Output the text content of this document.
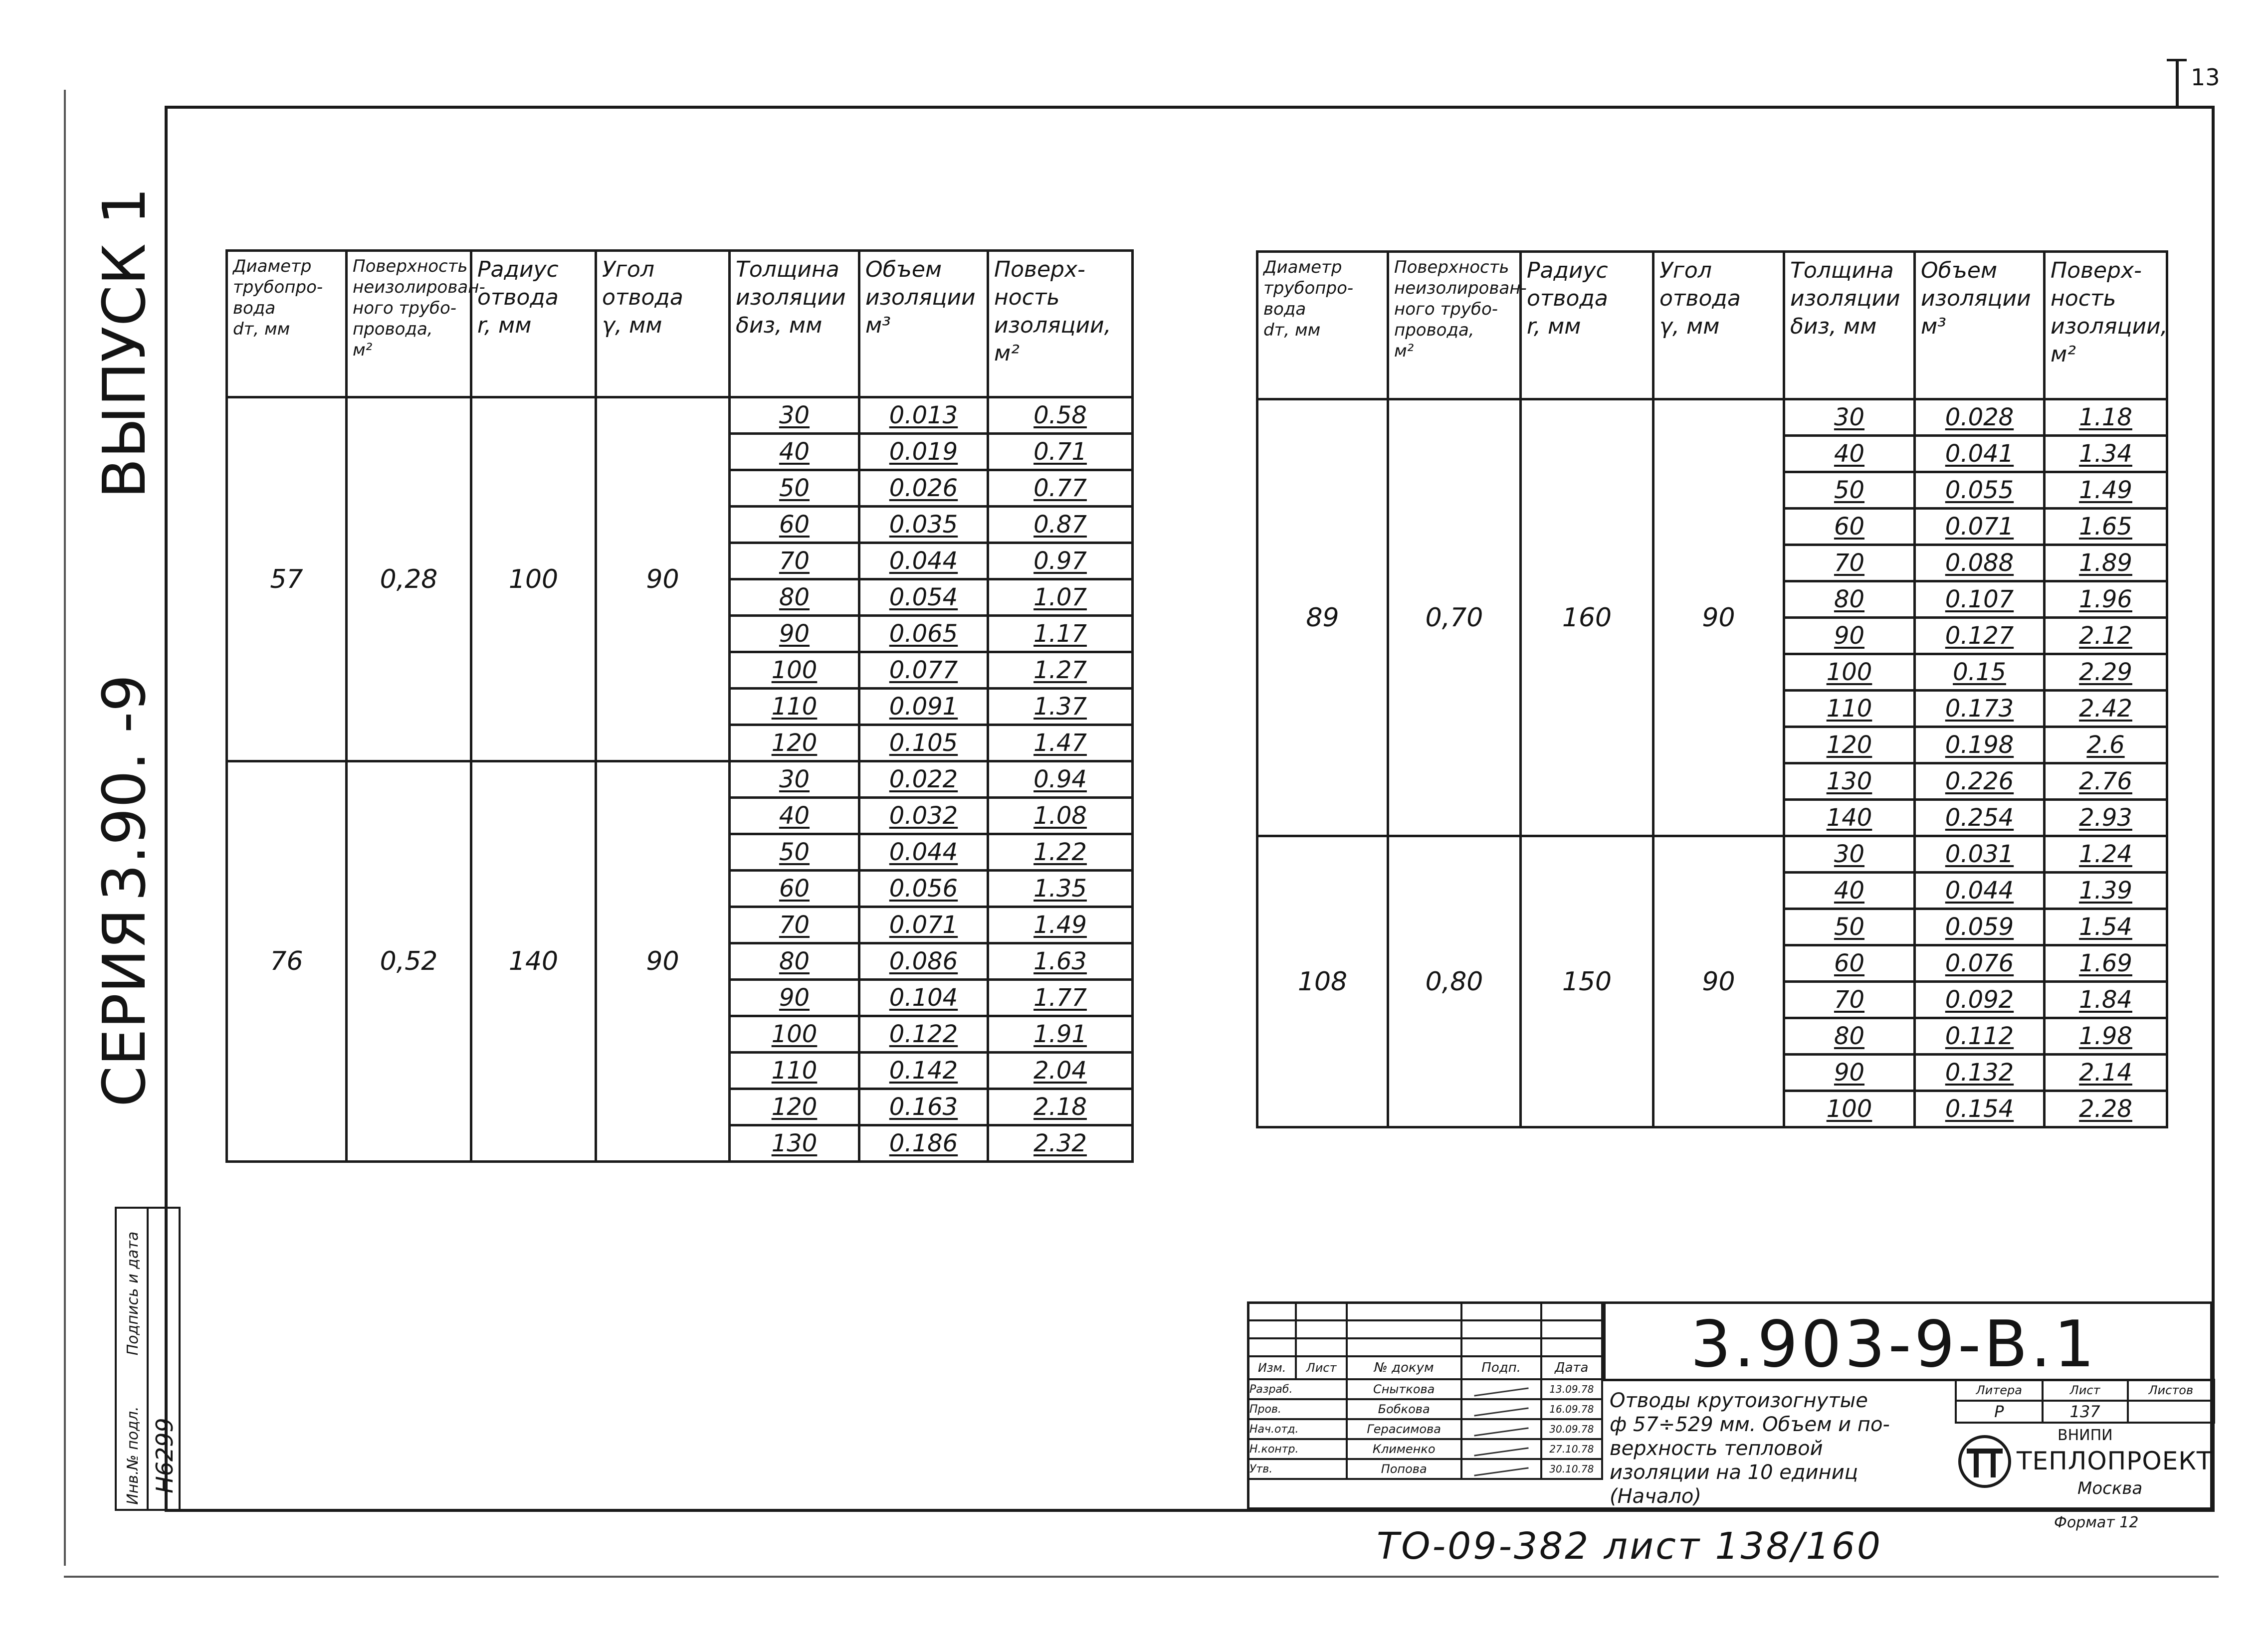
13
СЕРИЯ
3.90. -9
ВЫПУСК 1
Инв.№ подл.
Подпись и дата

Н6299
Диаметр
трубопро-
вода
dт, мм	Поверхность
неизолирован-
ного трубо-
провода,
м²	Радиус
отвода
r, мм	Угол
отвода
γ, мм	Толщина
изоляции
δиз, мм	Объем
изоляции
м³	Поверх-
ность
изоляции,
м²
57	0,28	100	90	30	0.013	0.58
				40	0.019	0.71
				50	0.026	0.77
				60	0.035	0.87
				70	0.044	0.97
				80	0.054	1.07
				90	0.065	1.17
				100	0.077	1.27
				110	0.091	1.37
				120	0.105	1.47
76	0,52	140	90	30	0.022	0.94
				40	0.032	1.08
				50	0.044	1.22
				60	0.056	1.35
				70	0.071	1.49
				80	0.086	1.63
				90	0.104	1.77
				100	0.122	1.91
				110	0.142	2.04
				120	0.163	2.18
				130	0.186	2.32
Диаметр
трубопро-
вода
dт, мм	Поверхность
неизолирован-
ного трубо-
провода,
м²	Радиус
отвода
r, мм	Угол
отвода
γ, мм	Толщина
изоляции
δиз, мм	Объем
изоляции
м³	Поверх-
ность
изоляции,
м²
89	0,70	160	90	30	0.028	1.18
				40	0.041	1.34
				50	0.055	1.49
				60	0.071	1.65
				70	0.088	1.89
				80	0.107	1.96
				90	0.127	2.12
				100	0.15	2.29
				110	0.173	2.42
				120	0.198	2.6
				130	0.226	2.76
				140	0.254	2.93
108	0,80	150	90	30	0.031	1.24
				40	0.044	1.39
				50	0.059	1.54
				60	0.076	1.69
				70	0.092	1.84
				80	0.112	1.98
				90	0.132	2.14
				100	0.154	2.28

Изм.	Лист	№ докум	Подп.	Дата
Разраб.		Сныткова		13.09.78
Пров.		Бобкова		16.09.78
Нач.отд.		Герасимова		30.09.78
Н.контр.		Клименко		27.10.78
Утв.		Попова		30.10.78
3.903-9-В.1
Отводы крутоизогнутые
ф 57÷529 мм. Объем и по-
верхность тепловой
изоляции на 10 единиц
(Начало)
Литера	Лист	Листов
Р	137	
ВНИПИ
ТЕПЛОПРОЕКТ
Москва
Формат 12
ТО-09-382 лист 138/160
